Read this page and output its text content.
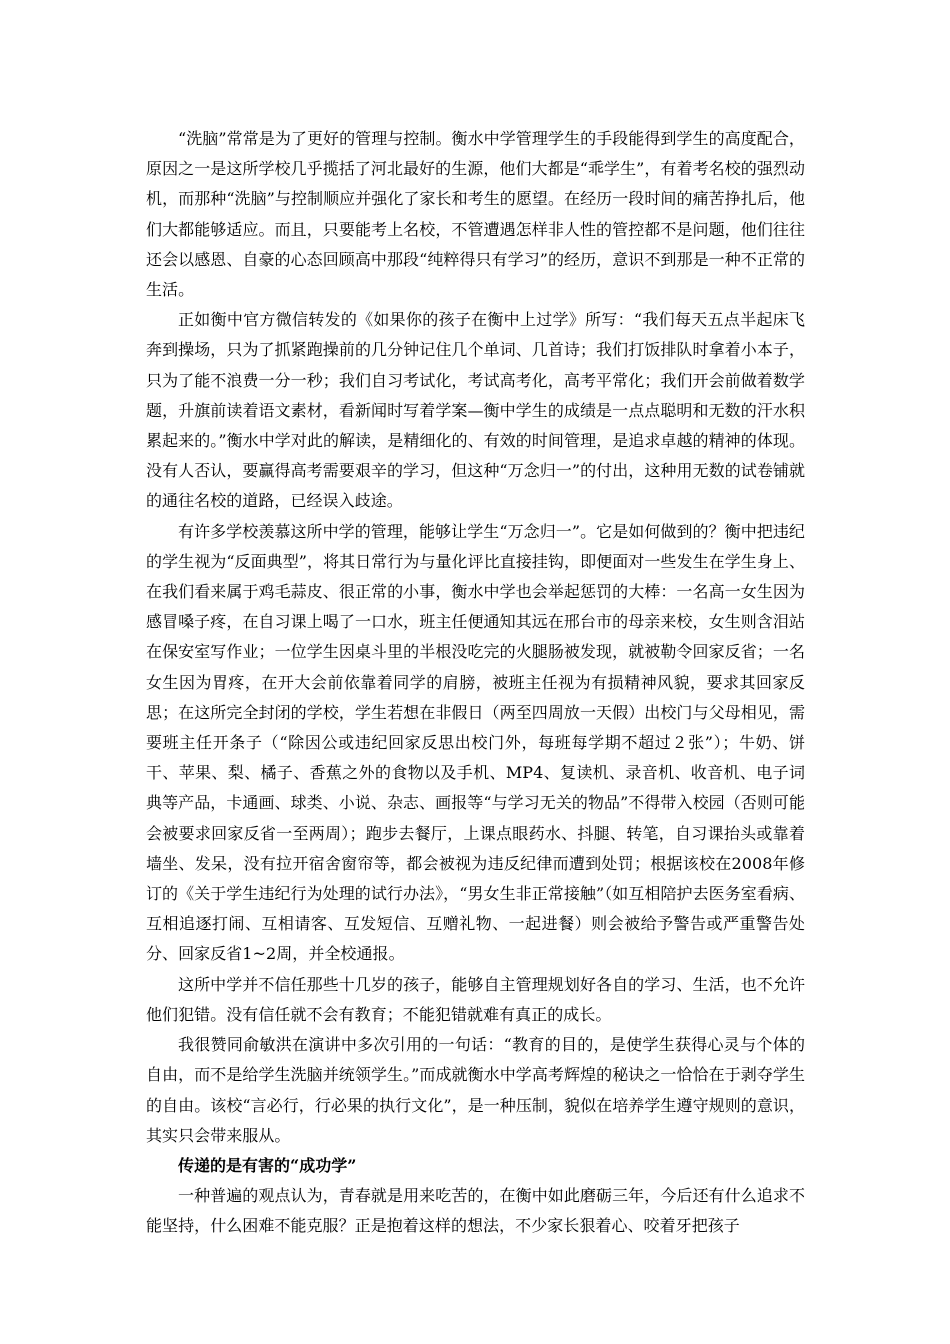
“洗脑”常常是为了更好的管理与控制。衡水中学管理学生的手段能得到学生的高度配合，原因之一是这所学校几乎揽括了河北最好的生源，他们大都是“乖学生”，有着考名校的强烈动机，而那种“洗脑”与控制顺应并强化了家长和考生的愿望。在经历一段时间的痛苦挣扎后，他们大都能够适应。而且，只要能考上名校，不管遭遇怎样非人性的管控都不是问题，他们往往还会以感恩、自豪的心态回顾高中那段“纯粹得只有学习”的经历，意识不到那是一种不正常的生活。

正如衡中官方微信转发的《如果你的孩子在衡中上过学》所写：“我们每天五点半起床飞奔到操场，只为了抓紧跑操前的几分钟记住几个单词、几首诗；我们打饭排队时拿着小本子，只为了能不浪费一分一秒；我们自习考试化，考试高考化，高考平常化；我们开会前做着数学题，升旗前读着语文素材，看新闻时写着学案—衡中学生的成绩是一点点聪明和无数的汗水积累起来的。”衡水中学对此的解读，是精细化的、有效的时间管理，是追求卓越的精神的体现。没有人否认，要赢得高考需要艰辛的学习，但这种“万念归一”的付出，这种用无数的试卷铺就的通往名校的道路，已经误入歧途。

有许多学校羡慕这所中学的管理，能够让学生“万念归一”。它是如何做到的？衡中把违纪的学生视为“反面典型”，将其日常行为与量化评比直接挂钩，即便面对一些发生在学生身上、在我们看来属于鸡毛蒜皮、很正常的小事，衡水中学也会举起惩罚的大棒：一名高一女生因为感冒嗓子疼，在自习课上喝了一口水，班主任便通知其远在邢台市的母亲来校，女生则含泪站在保安室写作业；一位学生因桌斗里的半根没吃完的火腿肠被发现，就被勒令回家反省；一名女生因为胃疼，在开大会前依靠着同学的肩膀，被班主任视为有损精神风貌，要求其回家反思；在这所完全封闭的学校，学生若想在非假日（两至四周放一天假）出校门与父母相见，需要班主任开条子（“除因公或违纪回家反思出校门外，每班每学期不超过２张”）；牛奶、饼干、苹果、梨、橘子、香蕉之外的食物以及手机、MP4、复读机、录音机、收音机、电子词典等产品，卡通画、球类、小说、杂志、画报等“与学习无关的物品”不得带入校园（否则可能会被要求回家反省一至两周）；跑步去餐厅，上课点眼药水、抖腿、转笔，自习课抬头或靠着墙坐、发呆，没有拉开宿舍窗帘等，都会被视为违反纪律而遭到处罚；根据该校在2008年修订的《关于学生违纪行为处理的试行办法》，“男女生非正常接触”（如互相陪护去医务室看病、互相追逐打闹、互相请客、互发短信、互赠礼物、一起进餐）则会被给予警告或严重警告处分、回家反省1~2周，并全校通报。

这所中学并不信任那些十几岁的孩子，能够自主管理规划好各自的学习、生活，也不允许他们犯错。没有信任就不会有教育；不能犯错就难有真正的成长。

我很赞同俞敏洪在演讲中多次引用的一句话：“教育的目的，是使学生获得心灵与个体的自由，而不是给学生洗脑并统领学生。”而成就衡水中学高考辉煌的秘诀之一恰恰在于剥夺学生的自由。该校“言必行，行必果的执行文化”，是一种压制，貌似在培养学生遵守规则的意识，其实只会带来服从。

传递的是有害的“成功学”

一种普遍的观点认为，青春就是用来吃苦的，在衡中如此磨砺三年，今后还有什么追求不能坚持，什么困难不能克服？正是抱着这样的想法，不少家长狠着心、咬着牙把孩子
